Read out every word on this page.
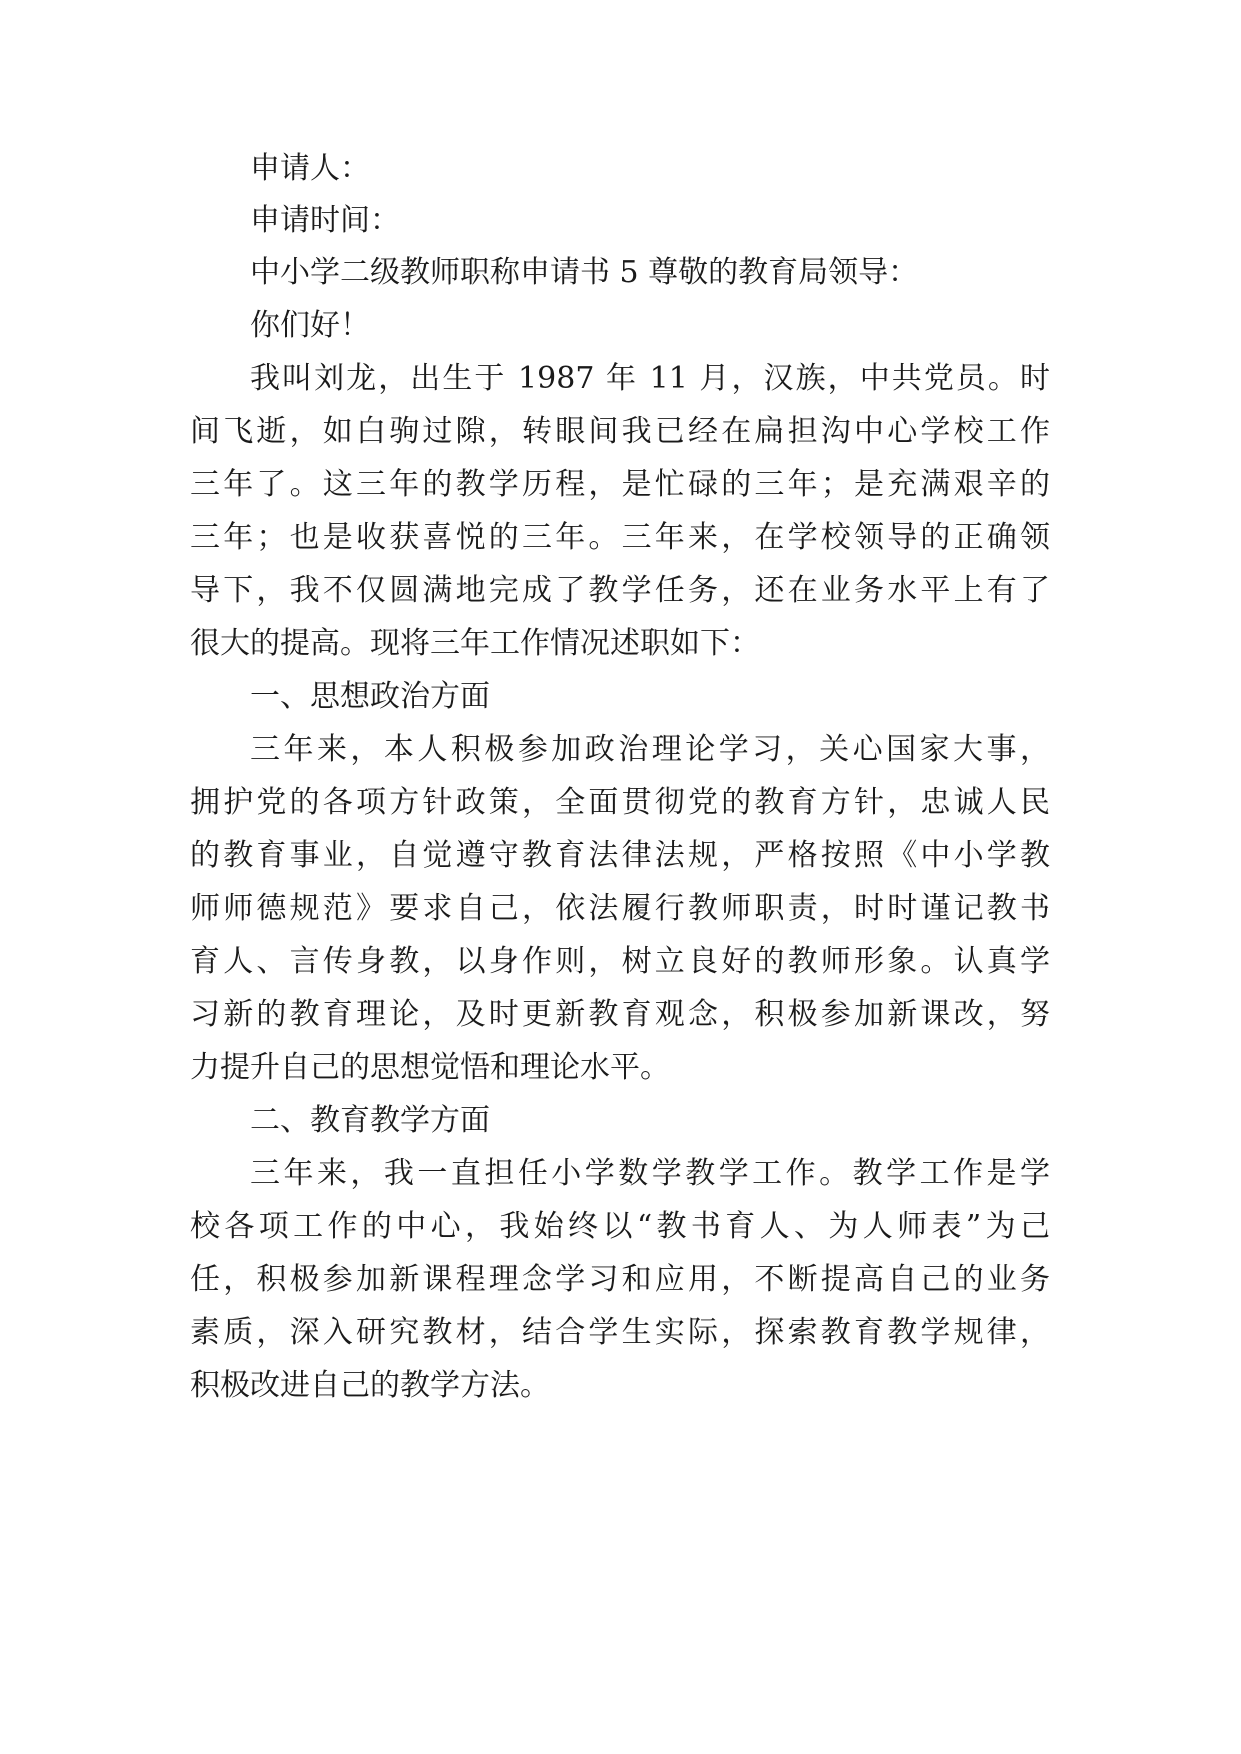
申请人：
申请时间：
中小学二级教师职称申请书 5 尊敬的教育局领导：
你们好！
我叫刘龙，出生于 1987 年 11 月，汉族，中共党员。时
间飞逝，如白驹过隙，转眼间我已经在扁担沟中心学校工作
三年了。这三年的教学历程，是忙碌的三年；是充满艰辛的
三年；也是收获喜悦的三年。三年来，在学校领导的正确领
导下，我不仅圆满地完成了教学任务，还在业务水平上有了
很大的提高。现将三年工作情况述职如下：
一、思想政治方面
三年来，本人积极参加政治理论学习，关心国家大事，
拥护党的各项方针政策，全面贯彻党的教育方针，忠诚人民
的教育事业，自觉遵守教育法律法规，严格按照《中小学教
师师德规范》要求自己，依法履行教师职责，时时谨记教书
育人、言传身教，以身作则，树立良好的教师形象。认真学
习新的教育理论，及时更新教育观念，积极参加新课改，努
力提升自己的思想觉悟和理论水平。
二、教育教学方面
三年来，我一直担任小学数学教学工作。教学工作是学
校各项工作的中心，我始终以“教书育人、为人师表”为己
任，积极参加新课程理念学习和应用，不断提高自己的业务
素质，深入研究教材，结合学生实际，探索教育教学规律，
积极改进自己的教学方法。
